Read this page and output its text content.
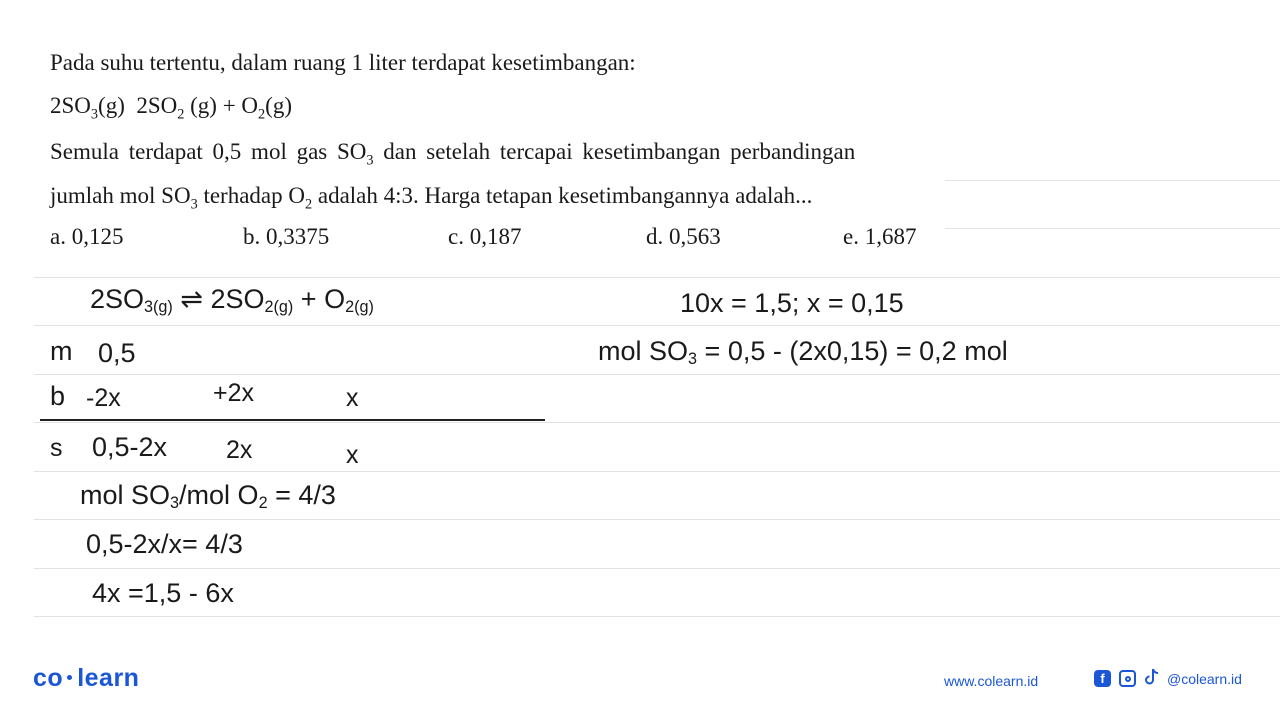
Pada suhu tertentu, dalam ruang 1 liter terdapat kesetimbangan:
$2SO_3(g)$ $2SO_2$ $(g) + O_2(g)$
Semula terdapat 0,5 mol gas $SO_3$ dan setelah tercapai kesetimbangan perbandingan
jumlah mol $SO_3$ terhadap $O_2$ adalah 4:3. Harga tetapan kesetimbangannya adalah...
a. 0,125	b. 0,3375	c. 0,187	d. 0,563	e. 1,687
2SO3(g) ⇌ 2SO2(g) + O2(g)
m 0,5
b -2x	+2x	x
s 0,5-2x 2x	x
mol SO3/mol O2 = 4/3
0,5-2x/x= 4/3
4x =1,5 - 6x
10x = 1,5; x = 0,15
mol SO3 = 0,5 - (2x0,15) = 0,2 mol
co learn	www.colearn.id	f	@colearn.id
